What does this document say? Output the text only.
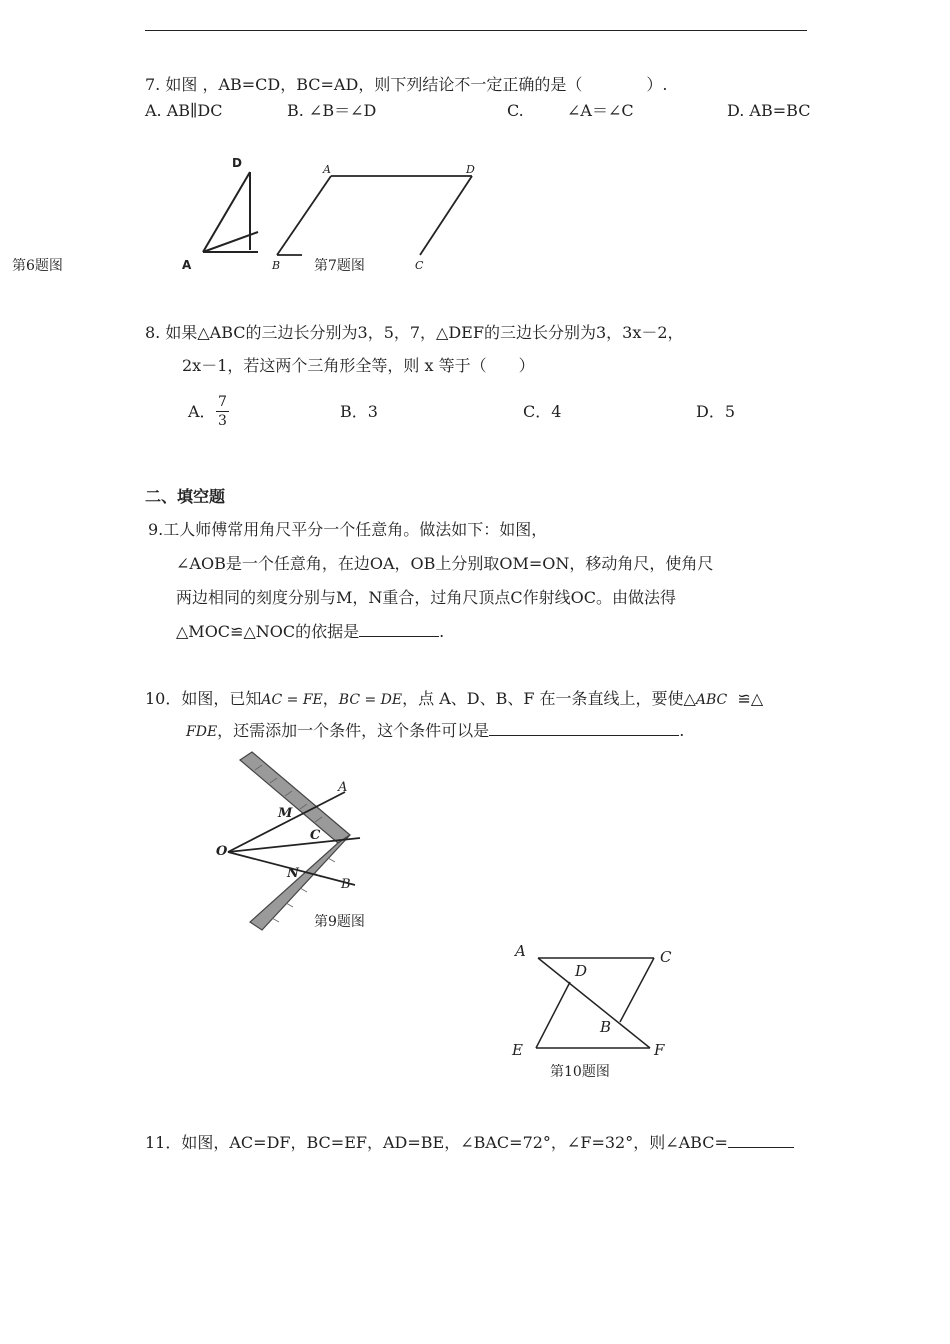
7. 如图 ，AB=CD，BC=AD，则下列结论不一定正确的是（　　　　）.
A. AB∥DC	B. ∠B＝∠D	C.	∠A＝∠C	D. AB=BC
D
A
第6题图
A	D
B	C
第7题图
8. 如果△ABC的三边长分别为3，5，7，△DEF的三边长分别为3，3x－2，
2x－1，若这两个三角形全等，则 x 等于（　　）
A． $\frac{7}{3}$	B．3	C．4	D．5
二、填空题
9.工人师傅常用角尺平分一个任意角。做法如下：如图，
∠AOB是一个任意角，在边OA，OB上分别取OM=ON，移动角尺，使角尺
两边相同的刻度分别与M，N重合，过角尺顶点C作射线OC。由做法得
△MOC≌△NOC的依据是	.
10．如图，已知AC = FE，BC = DE，点 A、D、B、F 在一条直线上，要使△ABC ≌△
FDE，还需添加一个条件，这个条件可以是	.
A
M
C
O
N
B
第9题图
A	C
D
B
E	F
第10题图
11．如图，AC=DF，BC=EF，AD=BE，∠BAC=72°，∠F=32°，则∠ABC=
